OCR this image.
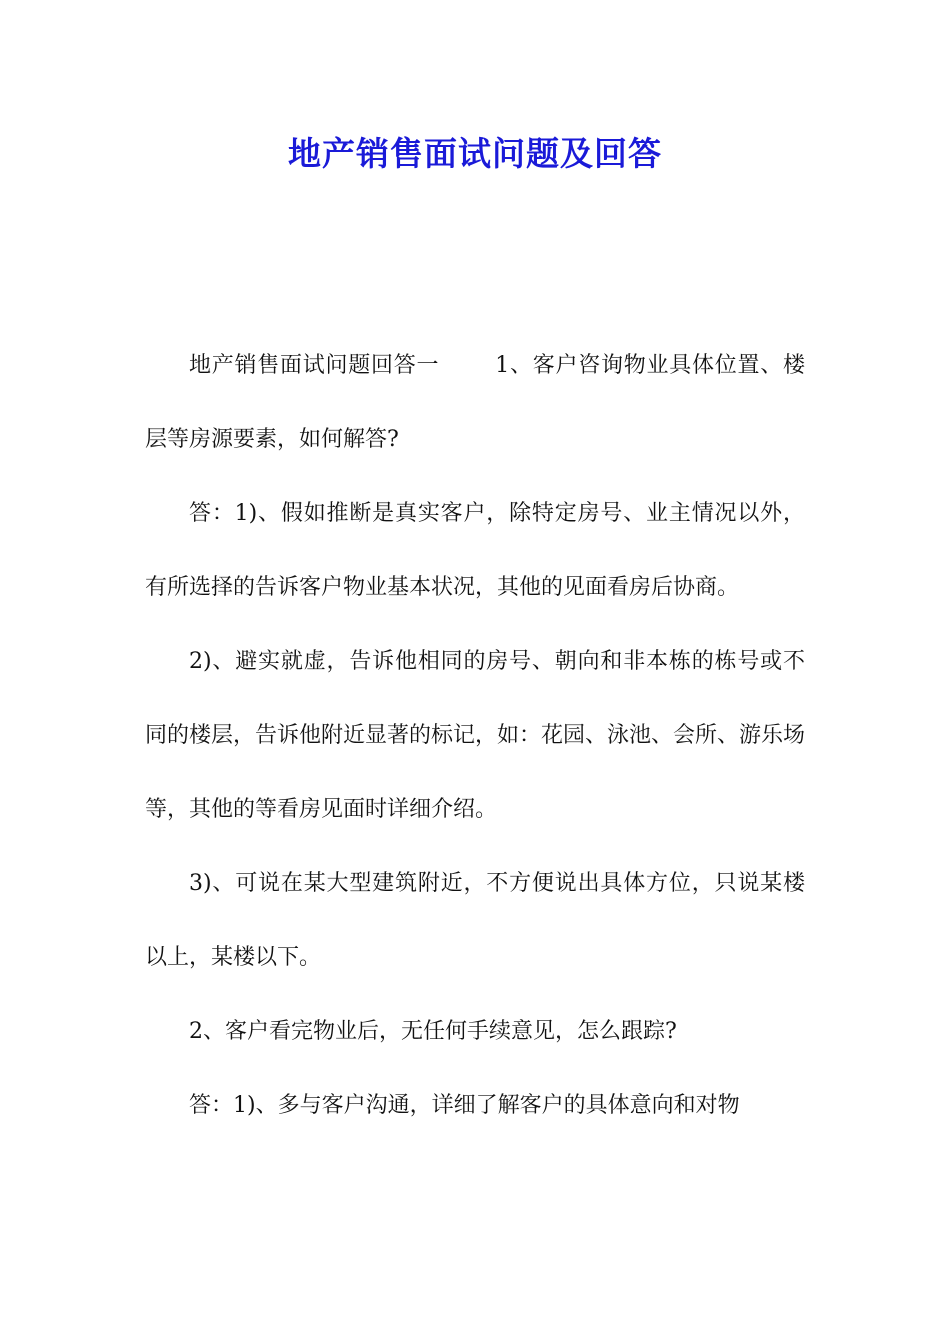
地产销售面试问题及回答

地产销售面试问题回答一	1、客户咨询物业具体位置、楼层等房源要素，如何解答?

答：1)、假如推断是真实客户，除特定房号、业主情况以外，有所选择的告诉客户物业基本状况，其他的见面看房后协商。

2)、避实就虚，告诉他相同的房号、朝向和非本栋的栋号或不同的楼层，告诉他附近显著的标记，如：花园、泳池、会所、游乐场等，其他的等看房见面时详细介绍。

3)、可说在某大型建筑附近，不方便说出具体方位，只说某楼以上，某楼以下。

2、客户看完物业后，无任何手续意见，怎么跟踪?

答：1)、多与客户沟通，详细了解客户的具体意向和对物
